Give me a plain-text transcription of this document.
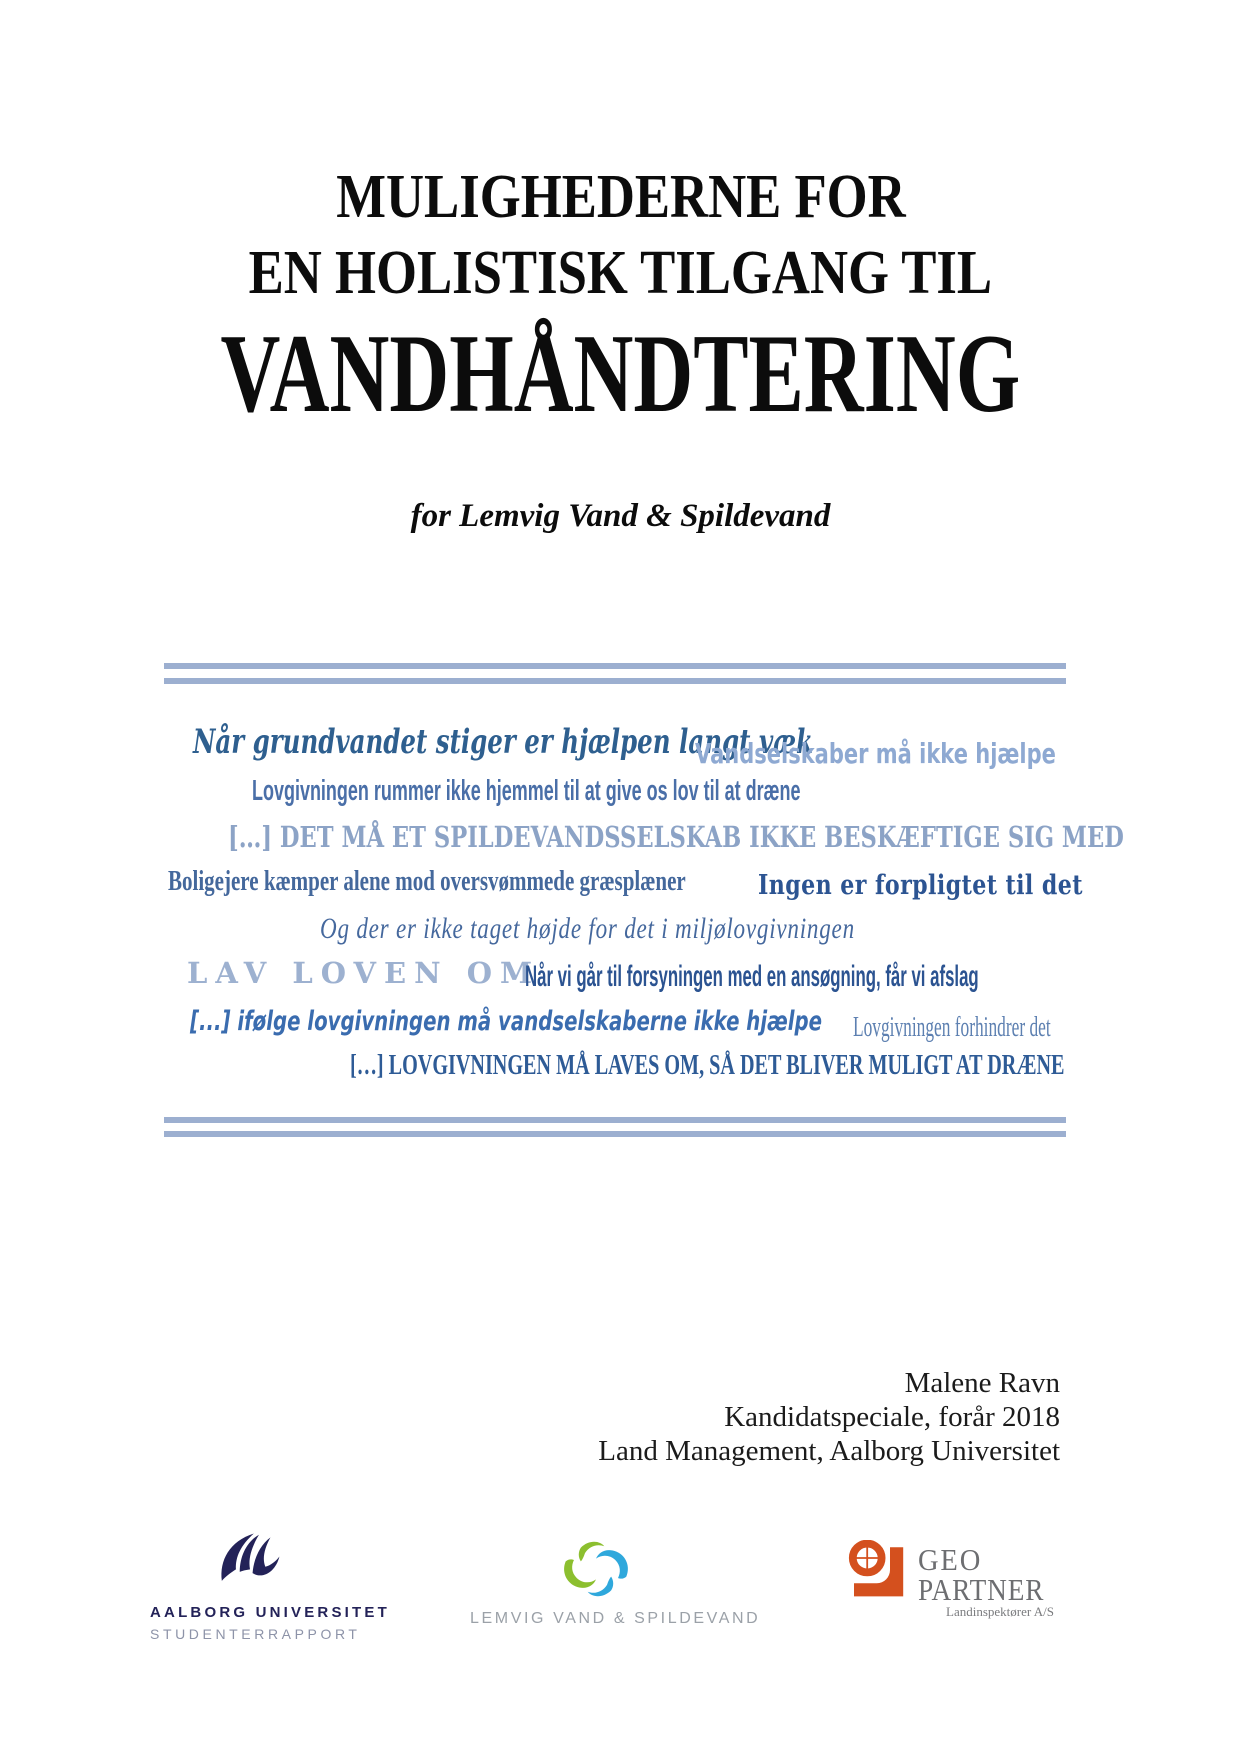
MULIGHEDERNE FOR
EN HOLISTISK TILGANG TIL
VANDHÅNDTERING
for Lemvig Vand & Spildevand
Når grundvandet stiger er hjælpen langt væk
Vandselskaber må ikke hjælpe
Lovgivningen rummer ikke hjemmel til at give os lov til at dræne
[…] DET MÅ ET SPILDEVANDSSELSKAB IKKE BESKÆFTIGE SIG MED
Boligejere kæmper alene mod oversvømmede græsplæner	Ingen er forpligtet til det
Og der er ikke taget højde for det i miljølovgivningen
LAV LOVEN OM
Når vi går til forsyningen med en ansøgning, får vi afslag
[...] ifølge lovgivningen må vandselskaberne ikke hjælpe Lovgivningen forhindrer det
[…] LOVGIVNINGEN MÅ LAVES OM, SÅ DET BLIVER MULIGT AT DRÆNE
Malene Ravn
Kandidatspeciale, forår 2018
Land Management, Aalborg Universitet
AALBORG UNIVERSITET
STUDENTERRAPPORT
LEMVIG VAND & SPILDEVAND
GEO
PARTNER
Landinspektører A/S
